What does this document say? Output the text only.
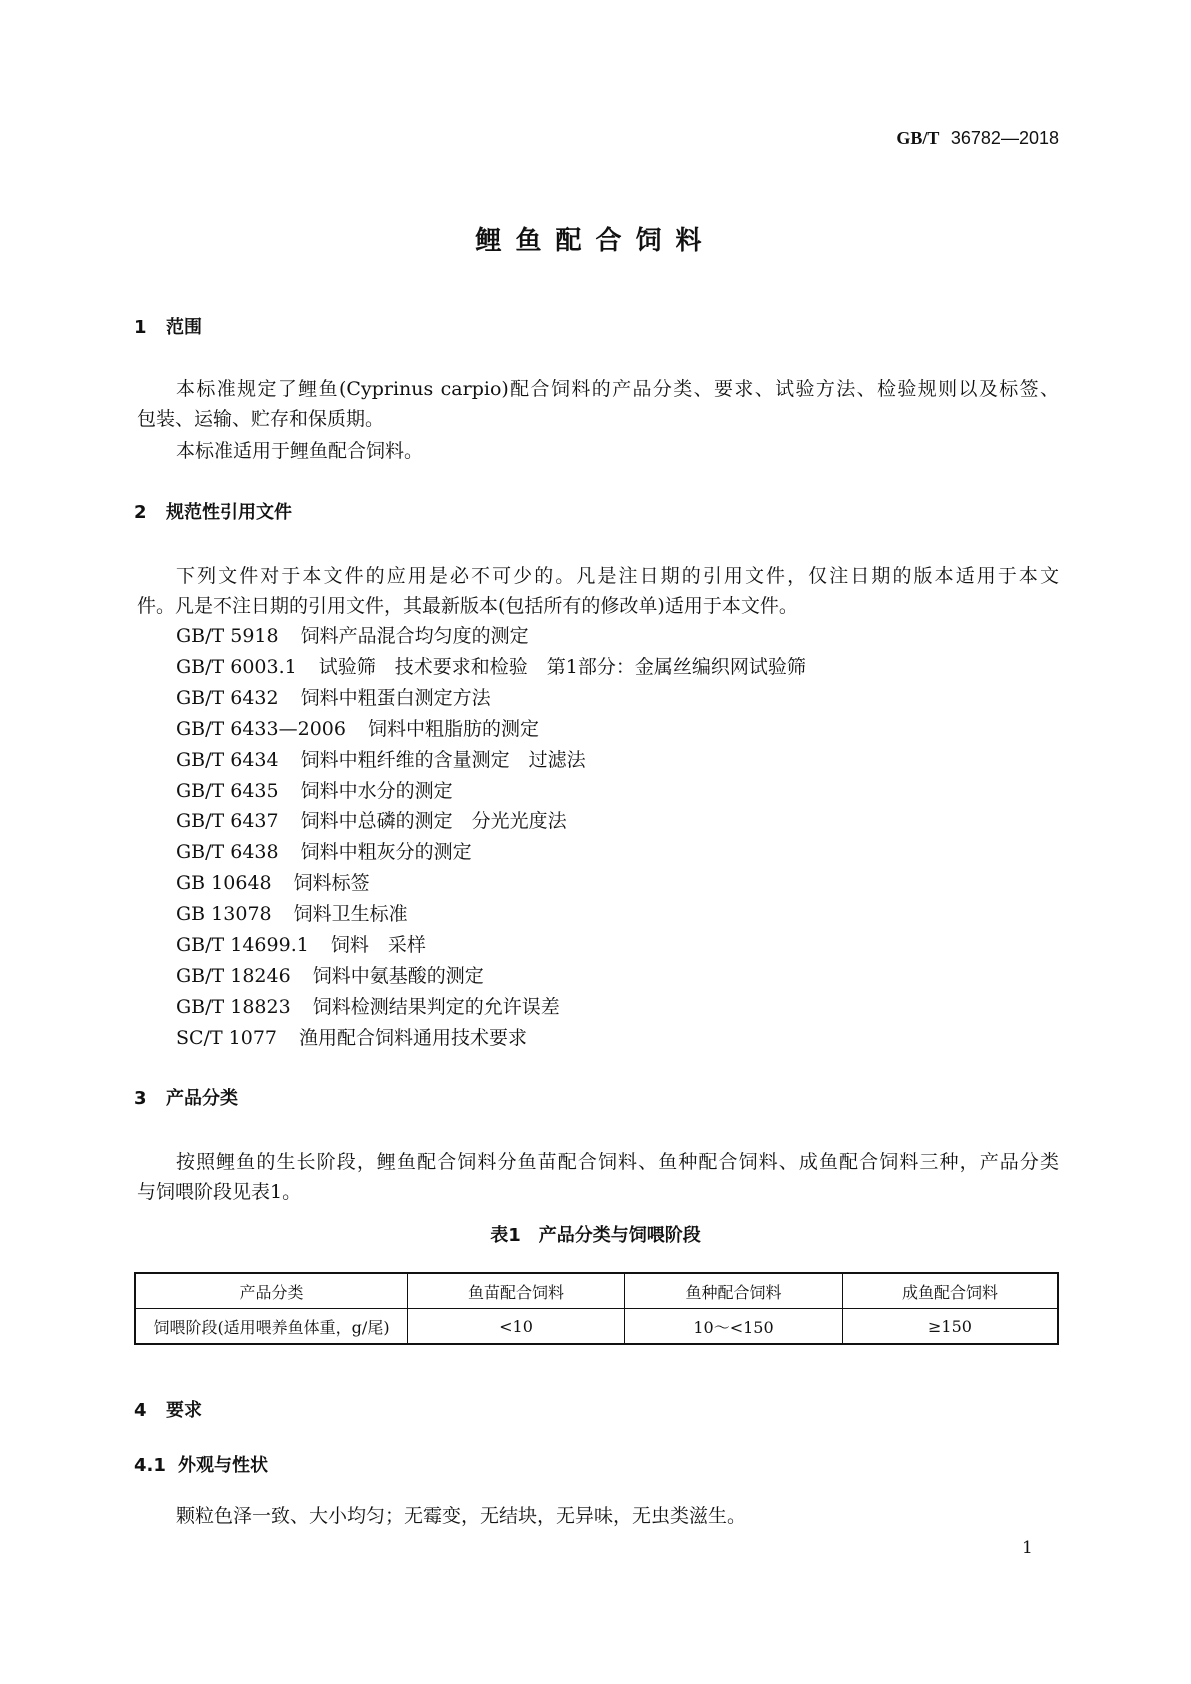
GB/T 36782—2018
鲤鱼配合饲料
1 范围
本标准规定了鲤鱼(Cyprinus carpio)配合饲料的产品分类、要求、试验方法、检验规则以及标签、
包装、运输、贮存和保质期。
本标准适用于鲤鱼配合饲料。
2 规范性引用文件
下列文件对于本文件的应用是必不可少的。凡是注日期的引用文件，仅注日期的版本适用于本文
件。凡是不注日期的引用文件，其最新版本(包括所有的修改单)适用于本文件。
GB/T 5918 饲料产品混合均匀度的测定
GB/T 6003.1 试验筛　技术要求和检验　第1部分：金属丝编织网试验筛
GB/T 6432 饲料中粗蛋白测定方法
GB/T 6433—2006 饲料中粗脂肪的测定
GB/T 6434 饲料中粗纤维的含量测定　过滤法
GB/T 6435 饲料中水分的测定
GB/T 6437 饲料中总磷的测定　分光光度法
GB/T 6438 饲料中粗灰分的测定
GB 10648 饲料标签
GB 13078 饲料卫生标准
GB/T 14699.1 饲料　采样
GB/T 18246 饲料中氨基酸的测定
GB/T 18823 饲料检测结果判定的允许误差
SC/T 1077 渔用配合饲料通用技术要求
3 产品分类
按照鲤鱼的生长阶段，鲤鱼配合饲料分鱼苗配合饲料、鱼种配合饲料、成鱼配合饲料三种，产品分类
与饲喂阶段见表1。
表1　产品分类与饲喂阶段
产品分类	鱼苗配合饲料	鱼种配合饲料	成鱼配合饲料
饲喂阶段(适用喂养鱼体重，g/尾)	<10	10～<150	≥150
4 要求
4.1 外观与性状
颗粒色泽一致、大小均匀；无霉变，无结块，无异味，无虫类滋生。
1
